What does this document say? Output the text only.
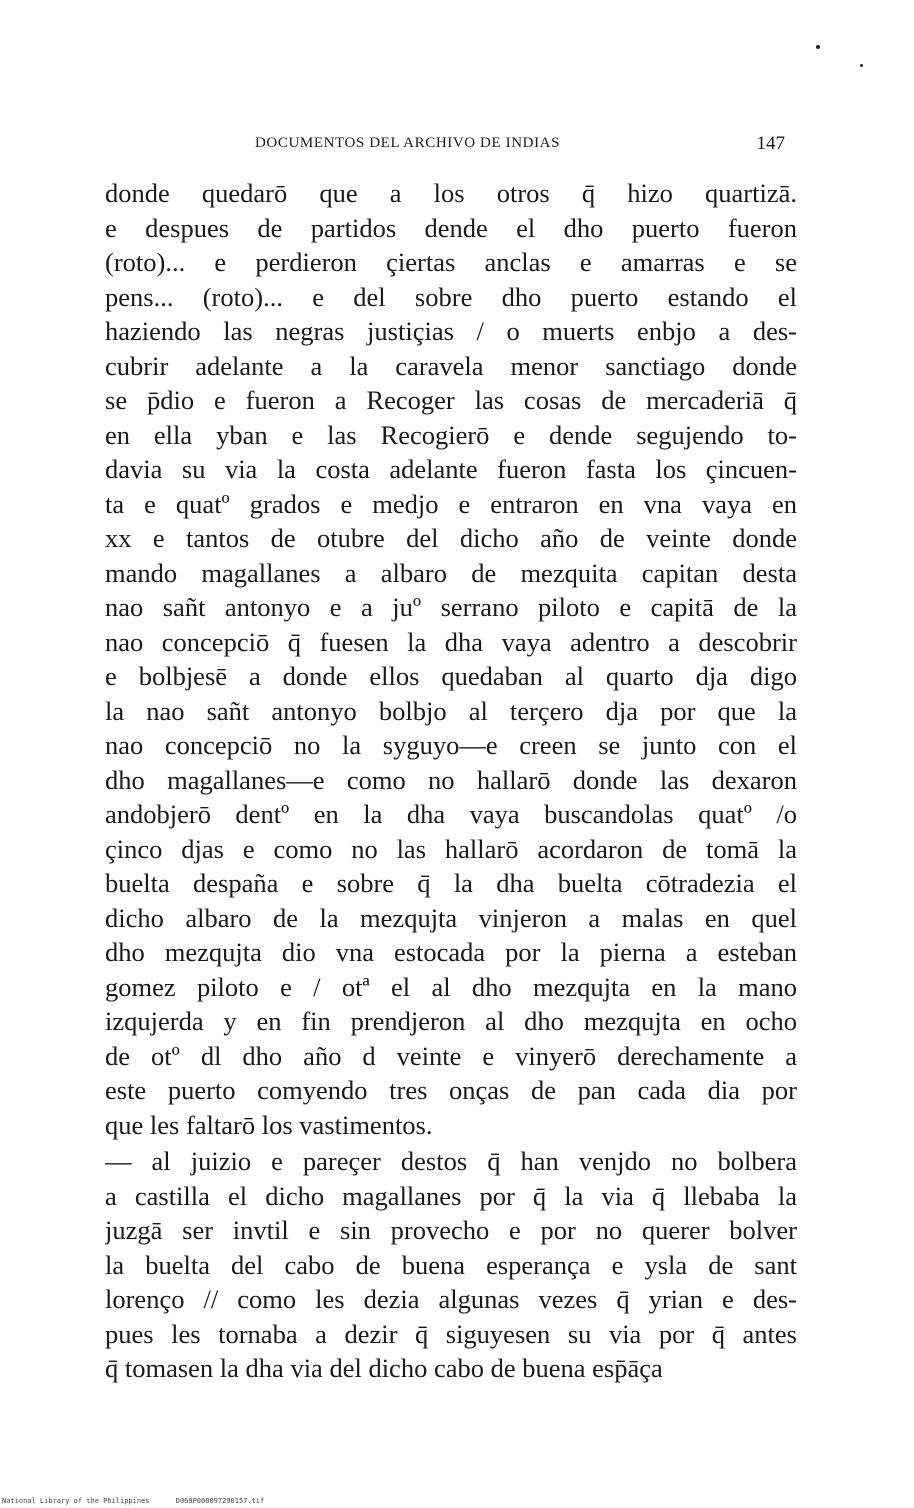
DOCUMENTOS DEL ARCHIVO DE INDIAS	147
donde quedarō que a los otros q̄ hizo quartizā.
e despues de partidos dende el dho puerto fueron
(roto)... e perdieron çiertas anclas e amarras e se
pens... (roto)... e del sobre dho puerto estando el
haziendo las negras justiçias / o muerts enbjo a des-
cubrir adelante a la caravela menor sanctiago donde
se p̄dio e fueron a Recoger las cosas de mercaderiā q̄
en ella yban e las Recogierō e dende segujendo to-
davia su via la costa adelante fueron fasta los çincuen-
ta e quatº grados e medjo e entraron en vna vaya en
xx e tantos de otubre del dicho año de veinte donde
mando magallanes a albaro de mezquita capitan desta
nao sañt antonyo e a juº serrano piloto e capitā de la
nao concepciō q̄ fuesen la dha vaya adentro a descobrir
e bolbjesē a donde ellos quedaban al quarto dja digo
la nao sañt antonyo bolbjo al terçero dja por que la
nao concepciō no la syguyo—e creen se junto con el
dho magallanes—e como no hallarō donde las dexaron
andobjerō dentº en la dha vaya buscandolas quatº /o
çinco djas e como no las hallarō acordaron de tomā la
buelta despaña e sobre q̄ la dha buelta cōtradezia el
dicho albaro de la mezqujta vinjeron a malas en quel
dho mezqujta dio vna estocada por la pierna a esteban
gomez piloto e / otª el al dho mezqujta en la mano
izqujerda y en fin prendjeron al dho mezqujta en ocho
de otº dl dho año d veinte e vinyerō derechamente a
este puerto comyendo tres onças de pan cada dia por
que les faltarō los vastimentos.
— al juizio e pareçer destos q̄ han venjdo no bolbera
a castilla el dicho magallanes por q̄ la via q̄ llebaba la
juzgā ser invtil e sin provecho e por no querer bolver
la buelta del cabo de buena esperança e ysla de sant
lorenço // como les dezia algunas vezes q̄ yrian e des-
pues les tornaba a dezir q̄ siguyesen su via por q̄ antes
q̄ tomasen la dha via del dicho cabo de buena esp̄āça
National Library of the Philippines	D069P000097290157.tif
